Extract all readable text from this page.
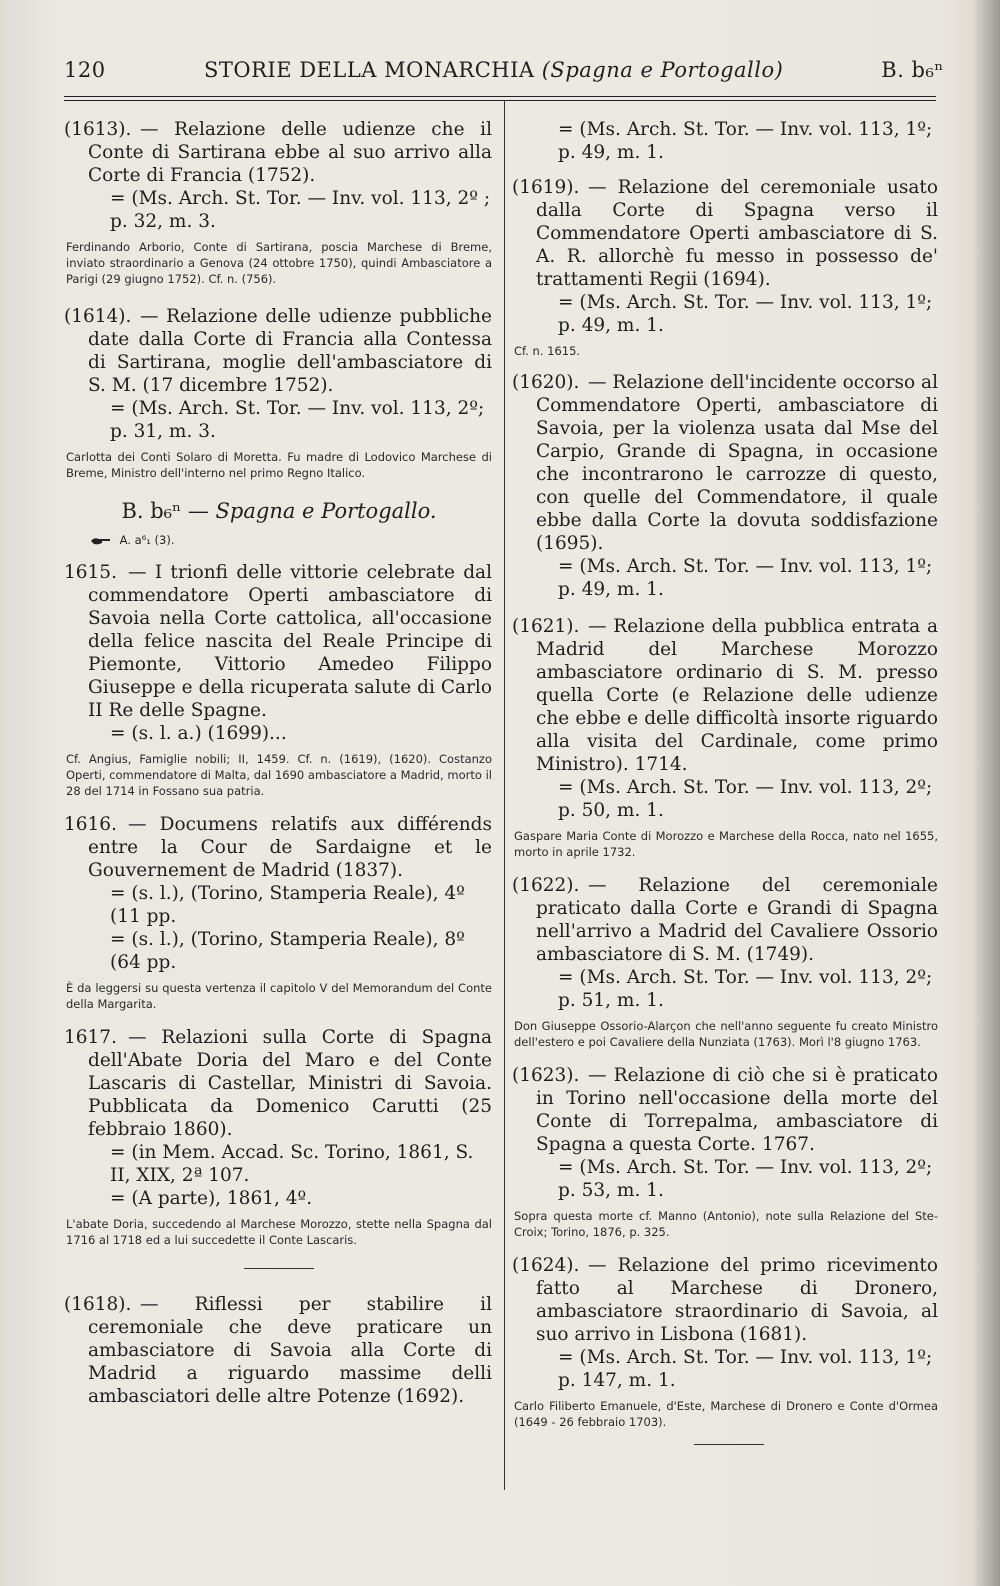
120	STORIE DELLA MONARCHIA (Spagna e Portogallo)	B. b₆ⁿ
(1613). — Relazione delle udienze che il Conte di Sartirana ebbe al suo arrivo alla Corte di Francia (1752).
= (Ms. Arch. St. Tor. — Inv. vol. 113, 2º ; p. 32, m. 3.
Ferdinando Arborio, Conte di Sartirana, poscia Marchese di Breme, inviato straordinario a Genova (24 ottobre 1750), quindi Ambasciatore a Parigi (29 giugno 1752). Cf. n. (756).
(1614). — Relazione delle udienze pubbliche date dalla Corte di Francia alla Contessa di Sartirana, moglie dell'ambasciatore di S. M. (17 dicembre 1752).
= (Ms. Arch. St. Tor. — Inv. vol. 113, 2º; p. 31, m. 3.
Carlotta dei Conti Solaro di Moretta. Fu madre di Lodovico Marchese di Breme, Ministro dell'interno nel primo Regno Italico.
B. b₆ⁿ — Spagna e Portogallo.
A. a⁶₁ (3).
1615. — I trionfi delle vittorie celebrate dal commendatore Operti ambasciatore di Savoia nella Corte cattolica, all'occasione della felice nascita del Reale Principe di Piemonte, Vittorio Amedeo Filippo Giuseppe e della ricuperata salute di Carlo II Re delle Spagne.
= (s. l. a.) (1699)...
Cf. Angius, Famiglie nobili; II, 1459. Cf. n. (1619), (1620). Costanzo Operti, commendatore di Malta, dal 1690 ambasciatore a Madrid, morto il 28 del 1714 in Fossano sua patria.
1616. — Documens relatifs aux différends entre la Cour de Sardaigne et le Gouvernement de Madrid (1837).
= (s. l.), (Torino, Stamperia Reale), 4º (11 pp.
= (s. l.), (Torino, Stamperia Reale), 8º (64 pp.
È da leggersi su questa vertenza il capitolo V del Memorandum del Conte della Margarita.
1617. — Relazioni sulla Corte di Spagna dell'Abate Doria del Maro e del Conte Lascaris di Castellar, Ministri di Savoia. Pubblicata da Domenico Carutti (25 febbraio 1860).
= (in Mem. Accad. Sc. Torino, 1861, S. II, XIX, 2ª 107.
= (A parte), 1861, 4º.
L'abate Doria, succedendo al Marchese Morozzo, stette nella Spagna dal 1716 al 1718 ed a lui succedette il Conte Lascaris.
(1618). — Riflessi per stabilire il ceremoniale che deve praticare un ambasciatore di Savoia alla Corte di Madrid a riguardo massime delli ambasciatori delle altre Potenze (1692).
= (Ms. Arch. St. Tor. — Inv. vol. 113, 1º; p. 49, m. 1.
(1619). — Relazione del ceremoniale usato dalla Corte di Spagna verso il Commendatore Operti ambasciatore di S. A. R. allorchè fu messo in possesso de' trattamenti Regii (1694).
= (Ms. Arch. St. Tor. — Inv. vol. 113, 1º; p. 49, m. 1.
Cf. n. 1615.
(1620). — Relazione dell'incidente occorso al Commendatore Operti, ambasciatore di Savoia, per la violenza usata dal Mse del Carpio, Grande di Spagna, in occasione che incontrarono le carrozze di questo, con quelle del Commendatore, il quale ebbe dalla Corte la dovuta soddisfazione (1695).
= (Ms. Arch. St. Tor. — Inv. vol. 113, 1º; p. 49, m. 1.
(1621). — Relazione della pubblica entrata a Madrid del Marchese Morozzo ambasciatore ordinario di S. M. presso quella Corte (e Relazione delle udienze che ebbe e delle difficoltà insorte riguardo alla visita del Cardinale, come primo Ministro). 1714.
= (Ms. Arch. St. Tor. — Inv. vol. 113, 2º; p. 50, m. 1.
Gaspare Maria Conte di Morozzo e Marchese della Rocca, nato nel 1655, morto in aprile 1732.
(1622). — Relazione del ceremoniale praticato dalla Corte e Grandi di Spagna nell'arrivo a Madrid del Cavaliere Ossorio ambasciatore di S. M. (1749).
= (Ms. Arch. St. Tor. — Inv. vol. 113, 2º; p. 51, m. 1.
Don Giuseppe Ossorio-Alarçon che nell'anno seguente fu creato Ministro dell'estero e poi Cavaliere della Nunziata (1763). Morì l'8 giugno 1763.
(1623). — Relazione di ciò che si è praticato in Torino nell'occasione della morte del Conte di Torrepalma, ambasciatore di Spagna a questa Corte. 1767.
= (Ms. Arch. St. Tor. — Inv. vol. 113, 2º; p. 53, m. 1.
Sopra questa morte cf. Manno (Antonio), note sulla Relazione del Ste-Croix; Torino, 1876, p. 325.
(1624). — Relazione del primo ricevimento fatto al Marchese di Dronero, ambasciatore straordinario di Savoia, al suo arrivo in Lisbona (1681).
= (Ms. Arch. St. Tor. — Inv. vol. 113, 1º; p. 147, m. 1.
Carlo Filiberto Emanuele, d'Este, Marchese di Dronero e Conte d'Ormea (1649 - 26 febbraio 1703).
